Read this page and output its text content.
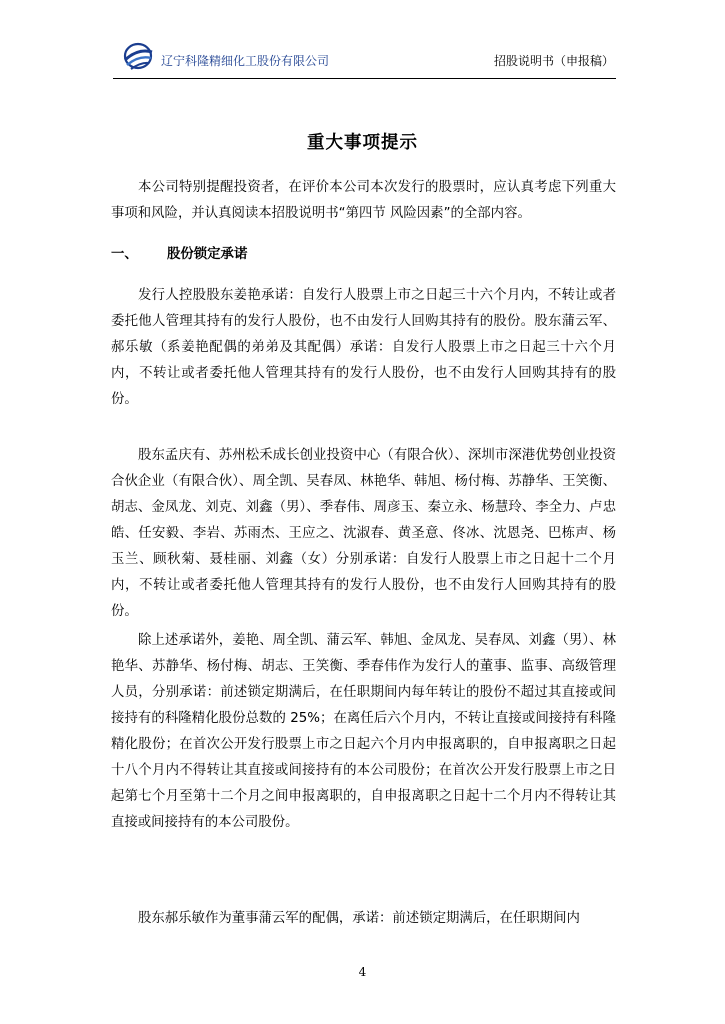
辽宁科隆精细化工股份有限公司	招股说明书（申报稿）
重大事项提示

本公司特别提醒投资者，在评价本公司本次发行的股票时，应认真考虑下列重大事项和风险，并认真阅读本招股说明书“第四节 风险因素”的全部内容。

一、 股份锁定承诺

发行人控股股东姜艳承诺：自发行人股票上市之日起三十六个月内，不转让或者委托他人管理其持有的发行人股份，也不由发行人回购其持有的股份。股东蒲云军、郝乐敏（系姜艳配偶的弟弟及其配偶）承诺：自发行人股票上市之日起三十六个月内，不转让或者委托他人管理其持有的发行人股份，也不由发行人回购其持有的股份。

股东孟庆有、苏州松禾成长创业投资中心（有限合伙）、深圳市深港优势创业投资合伙企业（有限合伙）、周全凯、吴春凤、林艳华、韩旭、杨付梅、苏静华、王笑衡、胡志、金凤龙、刘克、刘鑫（男）、季春伟、周彦玉、秦立永、杨慧玲、李全力、卢忠皓、任安毅、李岩、苏雨杰、王应之、沈淑春、黄圣意、佟冰、沈恩尧、巴栋声、杨玉兰、顾秋菊、聂桂丽、刘鑫（女）分别承诺：自发行人股票上市之日起十二个月内，不转让或者委托他人管理其持有的发行人股份，也不由发行人回购其持有的股份。

除上述承诺外，姜艳、周全凯、蒲云军、韩旭、金凤龙、吴春凤、刘鑫（男）、林艳华、苏静华、杨付梅、胡志、王笑衡、季春伟作为发行人的董事、监事、高级管理人员，分别承诺：前述锁定期满后，在任职期间内每年转让的股份不超过其直接或间接持有的科隆精化股份总数的 25%；在离任后六个月内，不转让直接或间接持有科隆精化股份；在首次公开发行股票上市之日起六个月内申报离职的，自申报离职之日起十八个月内不得转让其直接或间接持有的本公司股份；在首次公开发行股票上市之日起第七个月至第十二个月之间申报离职的，自申报离职之日起十二个月内不得转让其直接或间接持有的本公司股份。

股东郝乐敏作为董事蒲云军的配偶，承诺：前述锁定期满后，在任职期间内

4
